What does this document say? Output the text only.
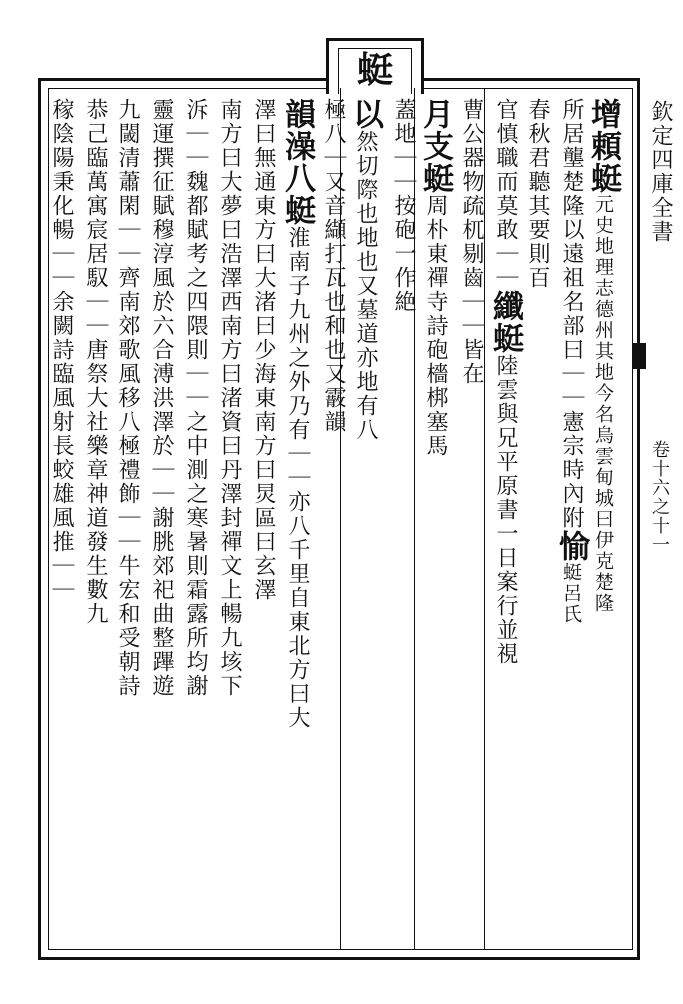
蜓
欽定四庫全書
卷十六之十一
增頼蜓元史地理志德州其地今名烏雲甸城曰伊克楚隆
所居壟楚隆以遠祖名部曰｜｜憲宗時內附愉蜓呂氏
春秋君聽其要則百
官慎職而莫敢｜｜纖蜓陸雲與兄平原書一日案行並視
曹公器物疏杌剔齒｜｜皆在
月支蜓周朴東禪寺詩砲檣梆塞馬
蓋地｜｜按砲一作絶
以然切際也地也又墓道亦地有八
極八｜又音纈打瓦也和也又霰韻
韻澡八蜓淮南子九州之外乃有｜｜亦八千里自東北方曰大
澤曰無通東方曰大渚曰少海東南方曰炅區曰玄澤
南方曰大夢曰浩澤西南方曰渚資曰丹澤封禪文上暢九垓下
泝｜｜魏都賦考之四隈則｜｜之中測之寒暑則霜露所均謝
靈運撰征賦穆淳風於六合溥洪澤於｜｜謝朓郊祀曲整蹕遊
九閾清蕭閑｜｜齊南郊歌風移八極禮飾｜｜牛宏和受朝詩
恭己臨萬寓宸居馭｜｜唐祭大社樂章神道發生數九
稼陰陽秉化暢｜｜余闕詩臨風射長蛟雄風推｜｜
